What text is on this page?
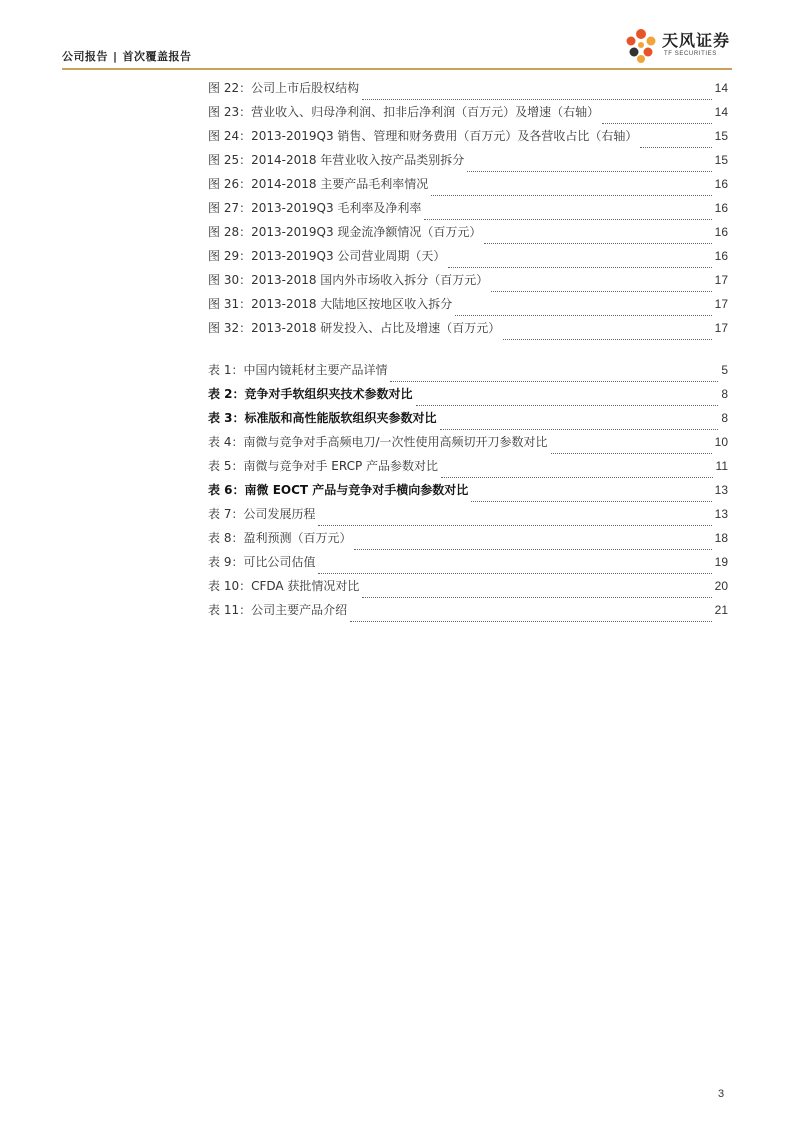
公司报告 | 首次覆盖报告
天风证券
TF SECURITIES
图 22：公司上市后股权结构	14
图 23：营业收入、归母净利润、扣非后净利润（百万元）及增速（右轴）	14
图 24：2013-2019Q3 销售、管理和财务费用（百万元）及各营收占比（右轴）	15
图 25：2014-2018 年营业收入按产品类别拆分	15
图 26：2014-2018 主要产品毛利率情况	16
图 27：2013-2019Q3 毛利率及净利率	16
图 28：2013-2019Q3 现金流净额情况（百万元）	16
图 29：2013-2019Q3 公司营业周期（天）	16
图 30：2013-2018 国内外市场收入拆分（百万元）	17
图 31：2013-2018 大陆地区按地区收入拆分	17
图 32：2013-2018 研发投入、占比及增速（百万元）	17
表 1：中国内镜耗材主要产品详情	5
表 2：竞争对手软组织夹技术参数对比	8
表 3：标准版和高性能版软组织夹参数对比	8
表 4：南微与竞争对手高频电刀/一次性使用高频切开刀参数对比	10
表 5：南微与竞争对手 ERCP 产品参数对比	11
表 6：南微 EOCT 产品与竞争对手横向参数对比	13
表 7：公司发展历程	13
表 8：盈利预测（百万元）	18
表 9：可比公司估值	19
表 10：CFDA 获批情况对比	20
表 11：公司主要产品介绍	21
3
